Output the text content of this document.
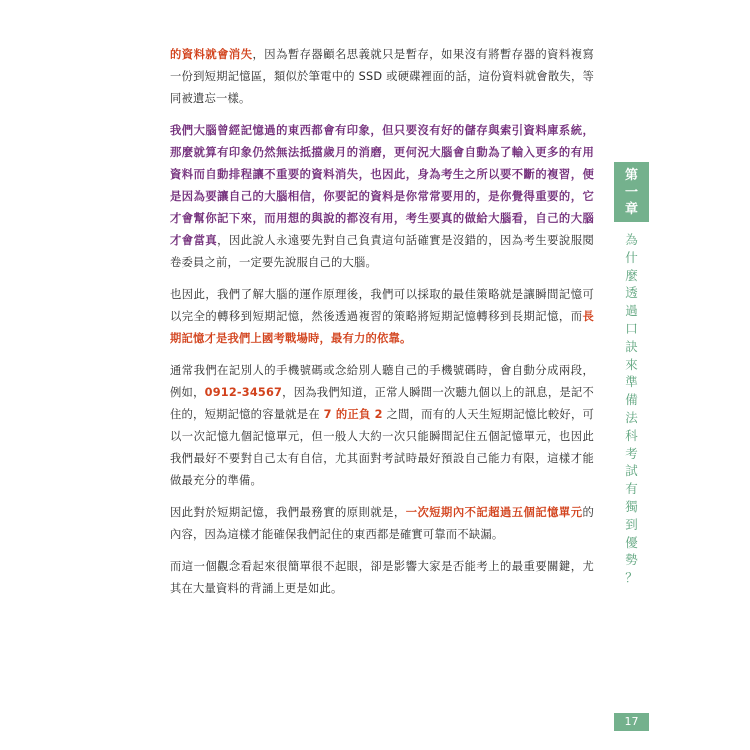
的資料就會消失，因為暫存器顧名思義就只是暫存，如果沒有將暫存器的資料複寫一份到短期記憶區，類似於筆電中的 SSD 或硬碟裡面的話，這份資料就會散失，等同被遺忘一樣。

我們大腦曾經記憶過的東西都會有印象，但只要沒有好的儲存與索引資料庫系統，那麼就算有印象仍然無法抵擋歲月的消磨，更何況大腦會自動為了輸入更多的有用資料而自動排程讓不重要的資料消失，也因此，身為考生之所以要不斷的複習，便是因為要讓自己的大腦相信，你要記的資料是你常常要用的，是你覺得重要的，它才會幫你記下來，而用想的與說的都沒有用，考生要真的做給大腦看，自己的大腦才會當真，因此說人永遠要先對自己負責這句話確實是沒錯的，因為考生要說服閱卷委員之前，一定要先說服自己的大腦。

也因此，我們了解大腦的運作原理後，我們可以採取的最佳策略就是讓瞬間記憶可以完全的轉移到短期記憶，然後透過複習的策略將短期記憶轉移到長期記憶，而長期記憶才是我們上國考戰場時，最有力的依靠。

通常我們在記別人的手機號碼或念給別人聽自己的手機號碼時，會自動分成兩段，例如，0912-34567，因為我們知道，正常人瞬間一次聽九個以上的訊息，是記不住的，短期記憶的容量就是在 7 的正負 2 之間，而有的人天生短期記憶比較好，可以一次記憶九個記憶單元，但一般人大約一次只能瞬間記住五個記憶單元，也因此我們最好不要對自己太有自信，尤其面對考試時最好預設自己能力有限，這樣才能做最充分的準備。

因此對於短期記憶，我們最務實的原則就是，一次短期內不記超過五個記憶單元的內容，因為這樣才能確保我們記住的東西都是確實可靠而不缺漏。

而這一個觀念看起來很簡單很不起眼，卻是影響大家是否能考上的最重要關鍵，尤其在大量資料的背誦上更是如此。

第
一
章
為
什
麼
透
過
口
訣
來
準
備
法
科
考
試
有
獨
到
優
勢
？
17
